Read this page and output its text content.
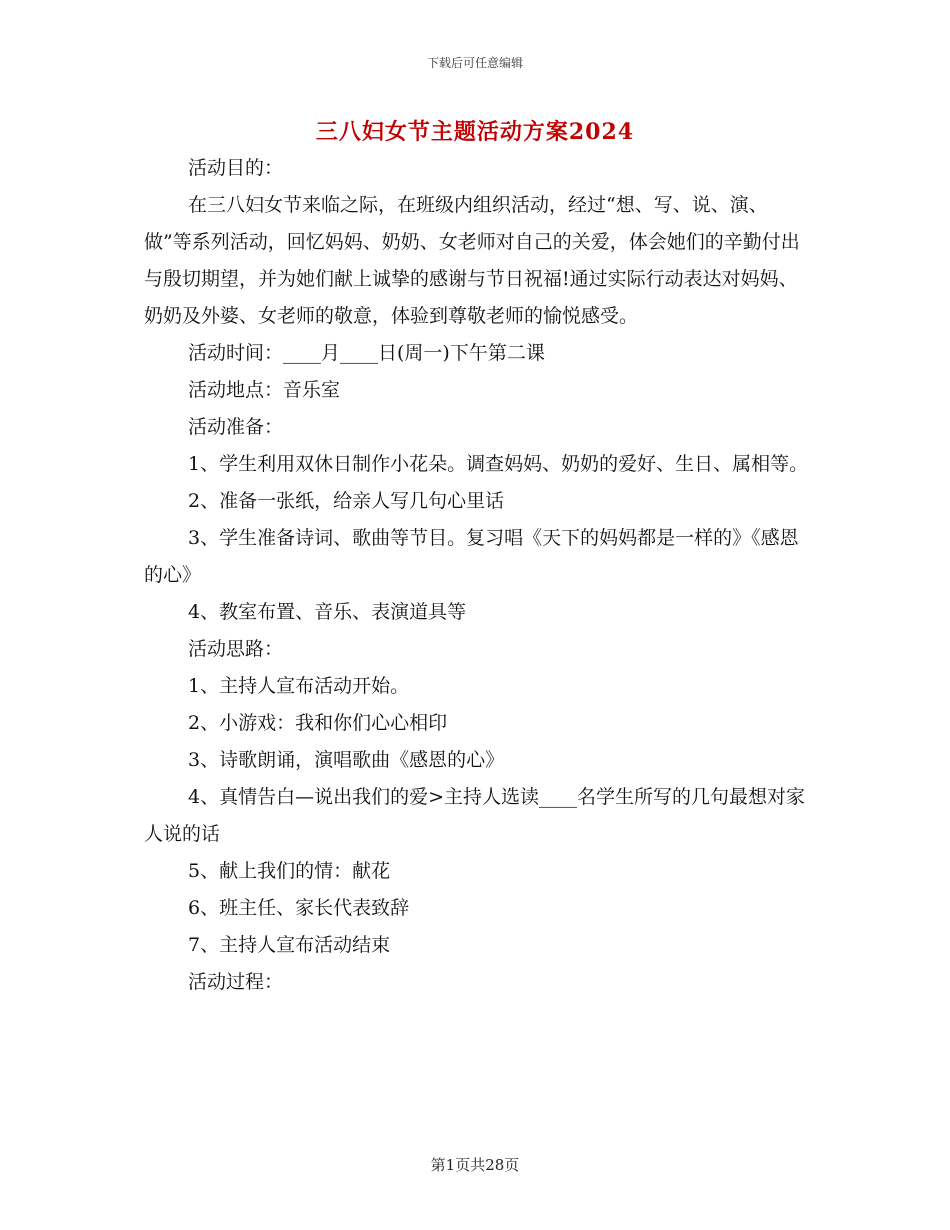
下载后可任意编辑
三八妇女节主题活动方案2024

活动目的：

在三八妇女节来临之际，在班级内组织活动，经过“想、写、说、演、做”等系列活动，回忆妈妈、奶奶、女老师对自己的关爱，体会她们的辛勤付出与殷切期望，并为她们献上诚挚的感谢与节日祝福!通过实际行动表达对妈妈、奶奶及外婆、女老师的敬意，体验到尊敬老师的愉悦感受。

活动时间：____月____日(周一)下午第二课

活动地点：音乐室

活动准备：

1、学生利用双休日制作小花朵。调查妈妈、奶奶的爱好、生日、属相等。

2、准备一张纸，给亲人写几句心里话

3、学生准备诗词、歌曲等节目。复习唱《天下的妈妈都是一样的》《感恩的心》

4、教室布置、音乐、表演道具等

活动思路：

1、主持人宣布活动开始。

2、小游戏：我和你们心心相印

3、诗歌朗诵，演唱歌曲《感恩的心》

4、真情告白—说出我们的爱>主持人选读____名学生所写的几句最想对家人说的话

5、献上我们的情：献花

6、班主任、家长代表致辞

7、主持人宣布活动结束

活动过程：

第1页共28页
